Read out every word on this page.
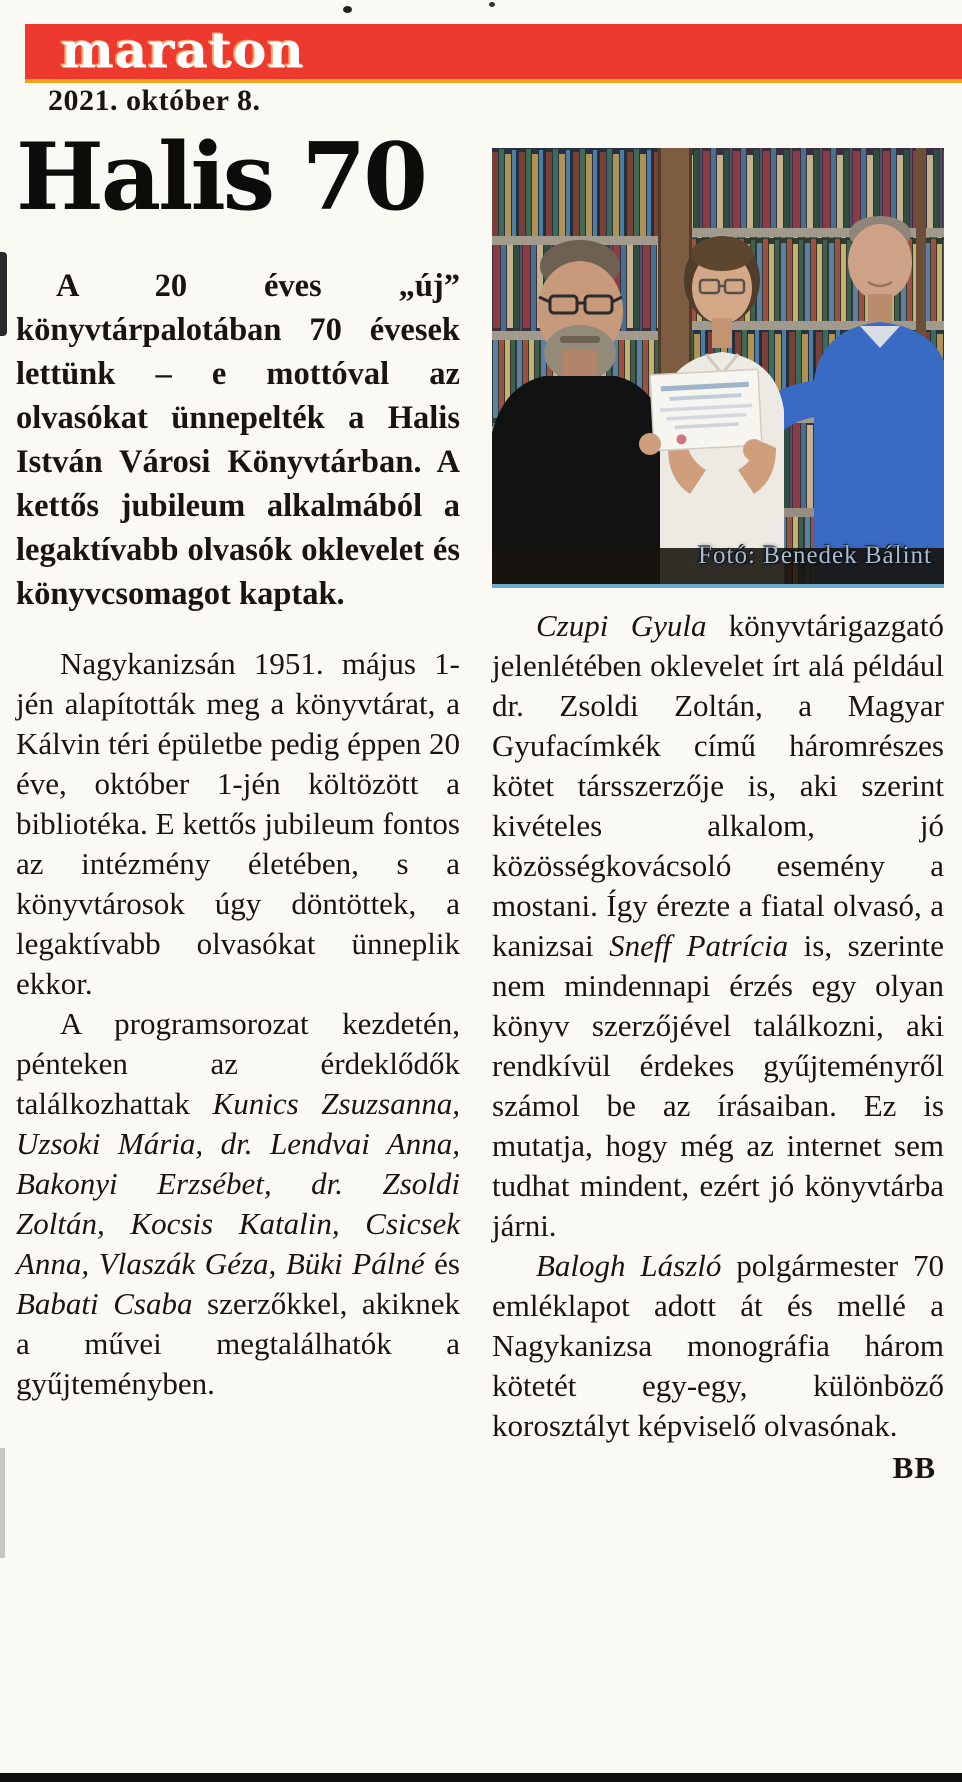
maraton
2021. október 8.
Halis 70

A 20 éves „új” könyvtárpalotában 70 évesek lettünk – e mottóval az olvasókat ünnepelték a Halis István Városi Könyvtárban. A kettős jubileum alkalmából a legaktívabb olvasók oklevelet és könyvcsomagot kaptak.

Nagykanizsán 1951. május 1-jén alapították meg a könyvtárat, a Kálvin téri épületbe pedig éppen 20 éve, október 1-jén költözött a bibliotéka. E kettős jubileum fontos az intézmény életében, s a könyvtárosok úgy döntöttek, a legaktívabb olvasókat ünneplik ekkor.

A programsorozat kezdetén, pénteken az érdeklődők találkozhattak Kunics Zsuzsanna, Uzsoki Mária, dr. Lendvai Anna, Bakonyi Erzsébet, dr. Zsoldi Zoltán, Kocsis Katalin, Csicsek Anna, Vlaszák Géza, Büki Pálné és Babati Csaba szerzőkkel, akiknek a művei megtalálhatók a gyűjteményben.

Fotó: Benedek Bálint

Czupi Gyula könyvtárigazgató jelenlétében oklevelet írt alá például dr. Zsoldi Zoltán, a Magyar Gyufacímkék című háromrészes kötet társszerzője is, aki szerint kivételes alkalom, jó közösségkovácsoló esemény a mostani. Így érezte a fiatal olvasó, a kanizsai Sneff Patrícia is, szerinte nem mindennapi érzés egy olyan könyv szerzőjével találkozni, aki rendkívül érdekes gyűjteményről számol be az írásaiban. Ez is mutatja, hogy még az internet sem tudhat mindent, ezért jó könyvtárba járni.

Balogh László polgármester 70 emléklapot adott át és mellé a Nagykanizsa monográfia három kötetét egy-egy, különböző korosztályt képviselő olvasónak.

BB
